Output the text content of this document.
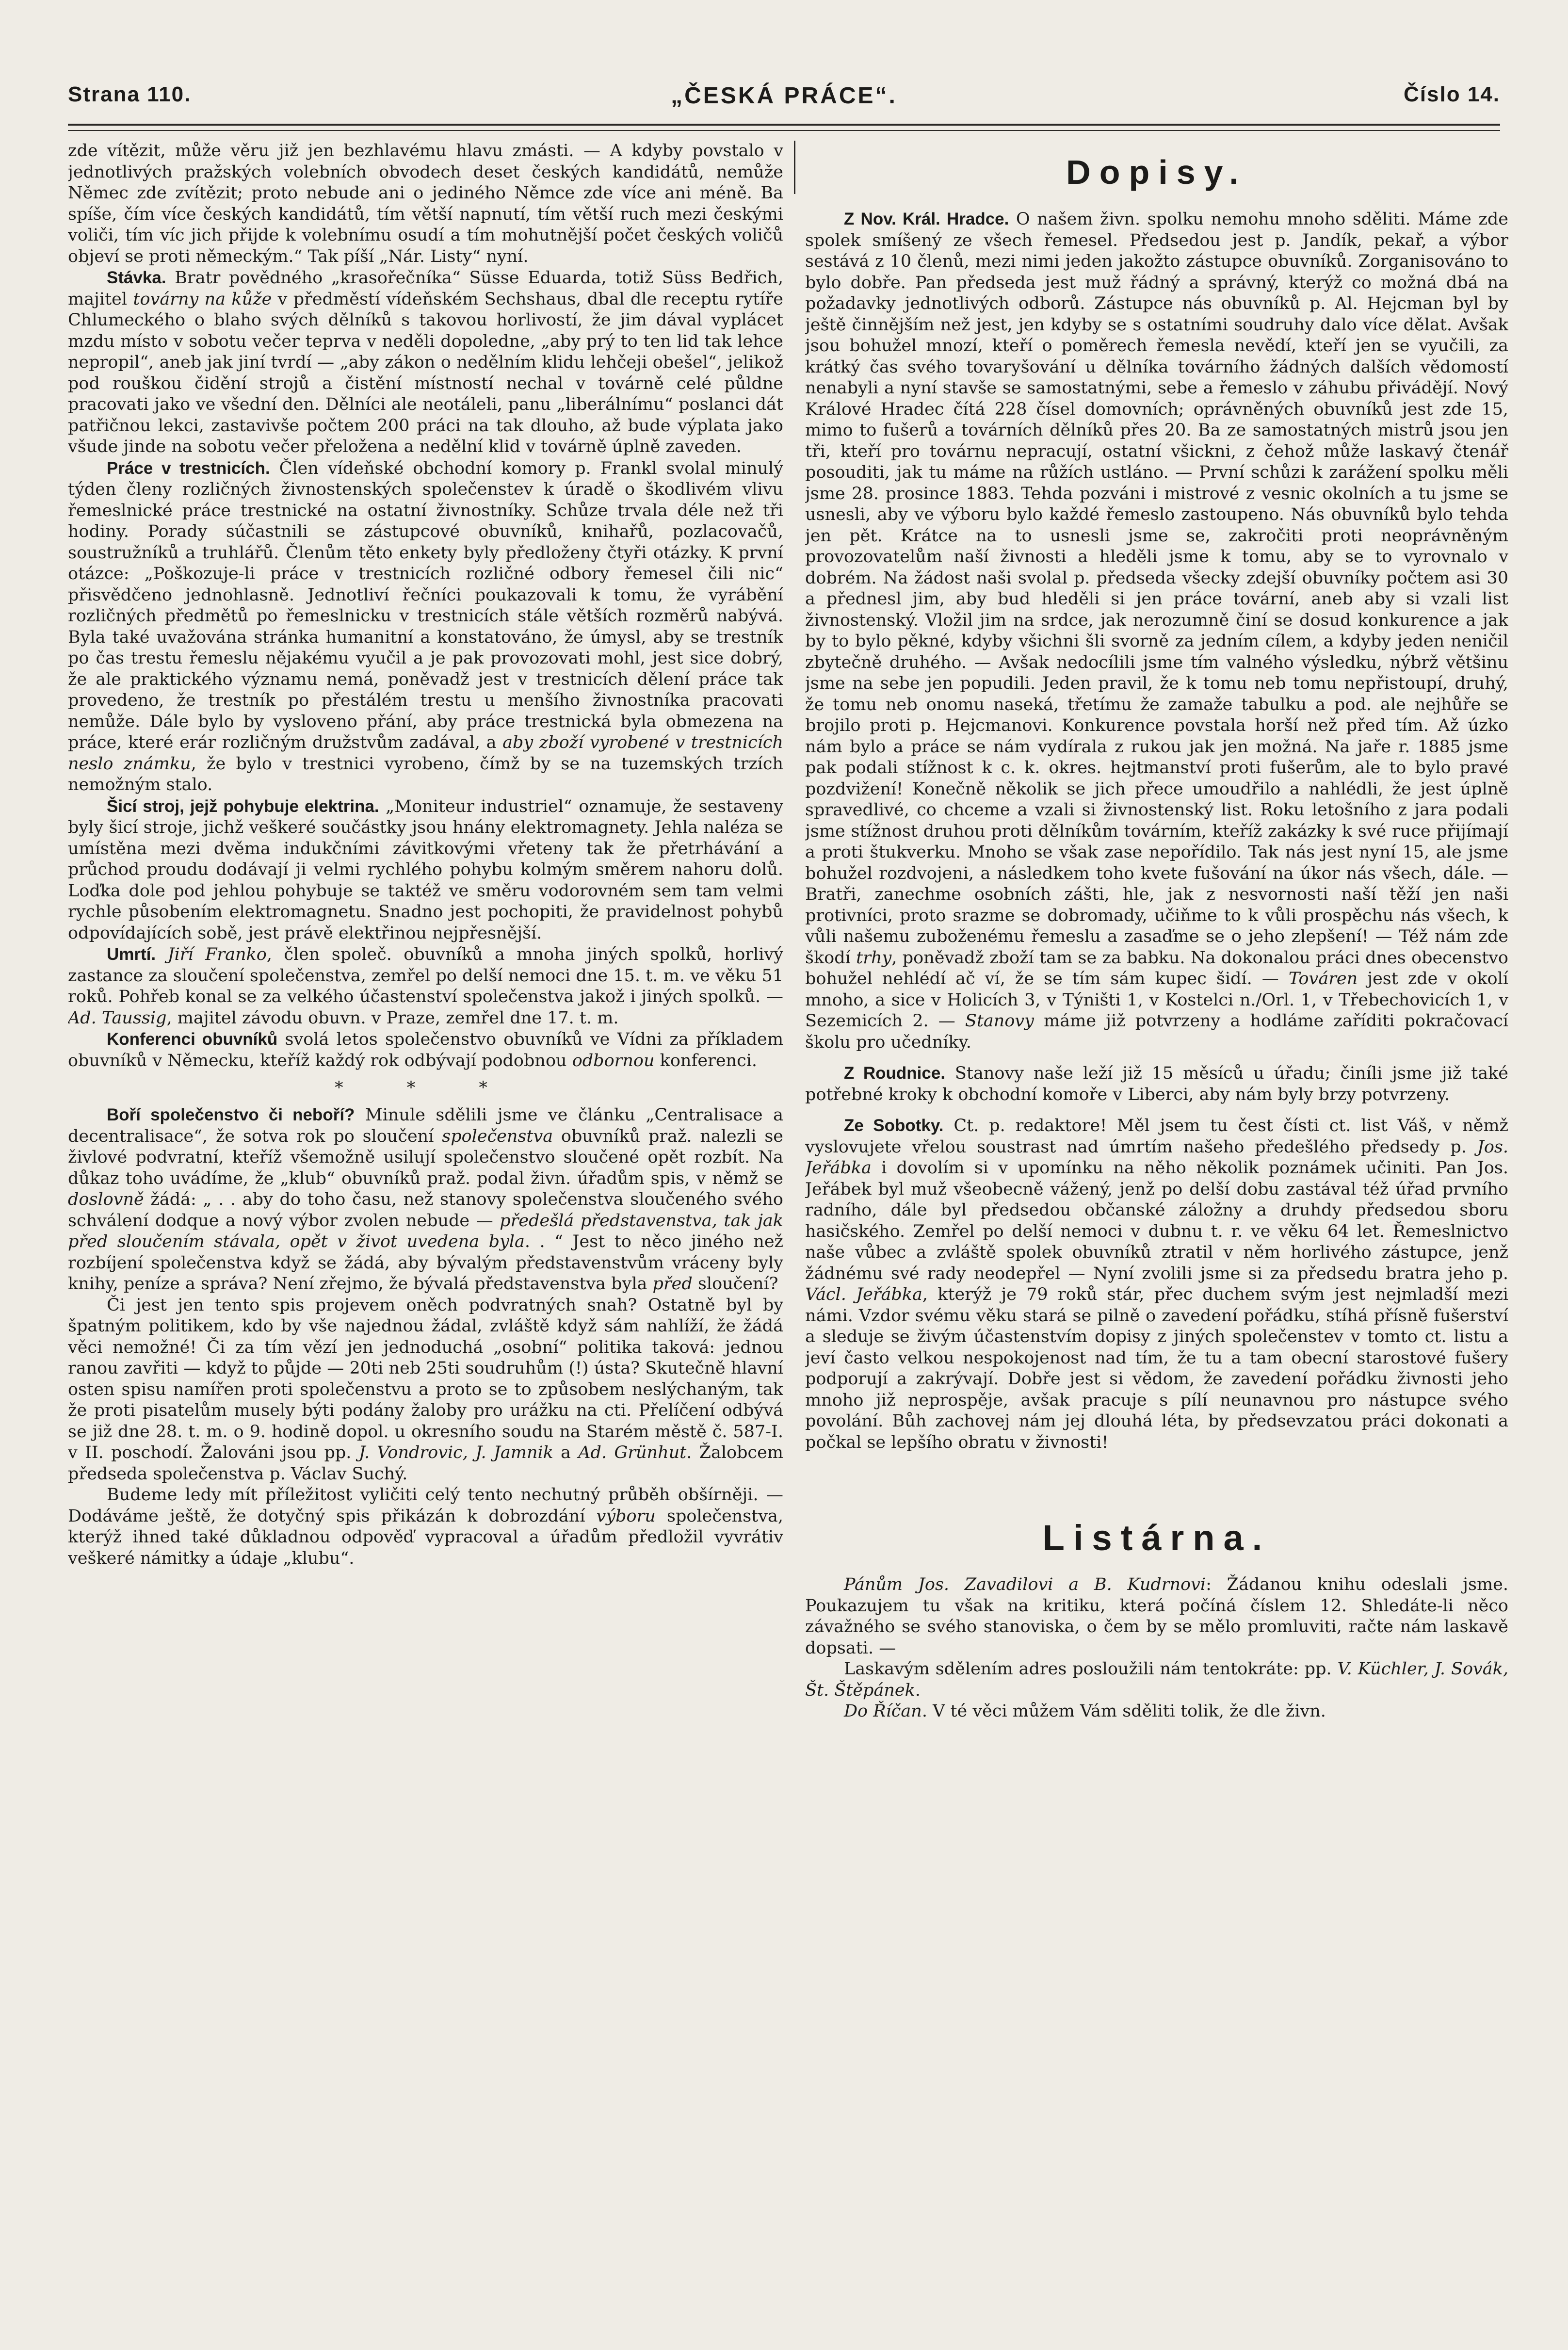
Strana 110.	„ČESKÁ PRÁCE“.	Číslo 14.

zde vítězit, může věru již jen bezhlavému hlavu zmásti. — A kdyby povstalo v jednotlivých pražských volebních obvodech deset českých kandidátů, nemůže Němec zde zvítězit; proto nebude ani o jediného Němce zde více ani méně. Ba spíše, čím více českých kandidátů, tím větší napnutí, tím větší ruch mezi českými voliči, tím víc jich přijde k volebnímu osudí a tím mohutnější počet českých voličů objeví se proti německým.“ Tak píší „Nár. Listy“ nyní.

Stávka. Bratr povědného „krasořečníka“ Süsse Eduarda, totiž Süss Bedřich, majitel továrny na kůže v předměstí vídeňském Sechshaus, dbal dle receptu rytíře Chlumeckého o blaho svých dělníků s takovou horlivostí, že jim dával vyplácet mzdu místo v sobotu večer teprva v neděli dopoledne, „aby prý to ten lid tak lehce nepropil“, aneb jak jiní tvrdí — „aby zákon o nedělním klidu lehčeji obešel“, jelikož pod rouškou čidění strojů a čistění místností nechal v továrně celé půldne pracovati jako ve všední den. Dělníci ale neotáleli, panu „liberálnímu“ poslanci dát patřičnou lekci, zastavivše počtem 200 práci na tak dlouho, až bude výplata jako všude jinde na sobotu večer přeložena a nedělní klid v továrně úplně zaveden.

Práce v trestnicích. Člen vídeňské obchodní komory p. Frankl svolal minulý týden členy rozličných živnostenských společenstev k úradě o škodlivém vlivu řemeslnické práce trestnické na ostatní živnostníky. Schůze trvala déle než tři hodiny. Porady súčastnili se zástupcové obuvníků, knihařů, pozlacovačů, soustružníků a truhlářů. Členům těto enkety byly předloženy čtyři otázky. K první otázce: „Poškozuje-li práce v trestnicích rozličné odbory řemesel čili nic“ přisvědčeno jednohlasně. Jednotliví řečníci poukazovali k tomu, že vyrábění rozličných předmětů po řemeslnicku v trestnicích stále větších rozměrů nabývá. Byla také uvažována stránka humanitní a konstatováno, že úmysl, aby se trestník po čas trestu řemeslu nějakému vyučil a je pak provozovati mohl, jest sice dobrý, že ale praktického významu nemá, poněvadž jest v trestnicích dělení práce tak provedeno, že trestník po přestálém trestu u menšího živnostníka pracovati nemůže. Dále bylo by vysloveno přání, aby práce trestnická byla obmezena na práce, které erár rozličným družstvům zadával, a aby zboží vyrobené v trestnicích neslo známku, že bylo v trestnici vyrobeno, čímž by se na tuzemských trzích nemožným stalo.

Šicí stroj, jejž pohybuje elektrina. „Moniteur industriel“ oznamuje, že sestaveny byly šicí stroje, jichž veškeré součástky jsou hnány elektromagnety. Jehla naléza se umístěna mezi dvěma indukčními závitkovými vřeteny tak že přetrhávání a průchod proudu dodávají ji velmi rychlého pohybu kolmým směrem nahoru dolů. Loďka dole pod jehlou pohybuje se taktéž ve směru vodorovném sem tam velmi rychle působením elektromagnetu. Snadno jest pochopiti, že pravidelnost pohybů odpovídajících sobě, jest právě elektřinou nejpřesnější.

Umrtí. Jiří Franko, člen společ. obuvníků a mnoha jiných spolků, horlivý zastance za sloučení společenstva, zemřel po delší nemoci dne 15. t. m. ve věku 51 roků. Pohřeb konal se za velkého účastenství společenstva jakož i jiných spolků. — Ad. Taussig, majitel závodu obuvn. v Praze, zemřel dne 17. t. m.

Konferenci obuvníků svolá letos společenstvo obuvníků ve Vídni za příkladem obuvníků v Německu, kteříž každý rok odbývají podobnou odbornou konferenci.

* * *

Boří společenstvo či neboří? Minule sdělili jsme ve článku „Centralisace a decentralisace“, že sotva rok po sloučení společenstva obuvníků praž. nalezli se živlové podvratní, kteříž všemožně usilují společenstvo sloučené opět rozbít. Na důkaz toho uvádíme, že „klub“ obuvníků praž. podal živn. úřadům spis, v němž se doslovně žádá: „ . . aby do toho času, než stanovy společenstva sloučeného svého schválení dodque a nový výbor zvolen nebude — předešlá představenstva, tak jak před sloučením stávala, opět v život uvedena byla. . “ Jest to něco jiného než rozbíjení společenstva když se žádá, aby bývalým představenstvům vráceny byly knihy, peníze a správa? Není zřejmo, že bývalá představenstva byla před sloučení?

Či jest jen tento spis projevem oněch podvratných snah? Ostatně byl by špatným politikem, kdo by vše najednou žádal, zvláště když sám nahlíží, že žádá věci nemožné! Či za tím vězí jen jednoduchá „osobní“ politika taková: jednou ranou zavřiti — když to půjde — 20ti neb 25ti soudruhům (!) ústa? Skutečně hlavní osten spisu namířen proti společenstvu a proto se to způsobem neslýchaným, tak že proti pisatelům musely býti podány žaloby pro urážku na cti. Přelíčení odbývá se již dne 28. t. m. o 9. hodině dopol. u okresního soudu na Starém městě č. 587-I. v II. poschodí. Žalováni jsou pp. J. Vondrovic, J. Jamnik a Ad. Grünhut. Žalobcem předseda společenstva p. Václav Suchý.

Budeme ledy mít příležitost vyličiti celý tento nechutný průběh obšírněji. — Dodáváme ještě, že dotyčný spis přikázán k dobrozdání výboru společenstva, kterýž ihned také důkladnou odpověď vypracoval a úřadům předložil vyvrátiv veškeré námitky a údaje „klubu“.

Dopisy.

Z Nov. Král. Hradce. O našem živn. spolku nemohu mnoho sděliti. Máme zde spolek smíšený ze všech řemesel. Předsedou jest p. Jandík, pekař, a výbor sestává z 10 členů, mezi nimi jeden jakožto zástupce obuvníků. Zorganisováno to bylo dobře. Pan předseda jest muž řádný a správný, kterýž co možná dbá na požadavky jednotlivých odborů. Zástupce nás obuvníků p. Al. Hejcman byl by ještě činnějším než jest, jen kdyby se s ostatními soudruhy dalo více dělat. Avšak jsou bohužel mnozí, kteří o poměrech řemesla nevědí, kteří jen se vyučili, za krátký čas svého tovaryšování u dělníka továrního žádných dalších vědomostí nenabyli a nyní stavše se samostatnými, sebe a řemeslo v záhubu přivádějí. Nový Králové Hradec čítá 228 čísel domovních; oprávněných obuvníků jest zde 15, mimo to fušerů a továrních dělníků přes 20. Ba ze samostatných mistrů jsou jen tři, kteří pro továrnu nepracují, ostatní všickni, z čehož může laskavý čtenář posouditi, jak tu máme na růžích ustláno. — První schůzi k zarážení spolku měli jsme 28. prosince 1883. Tehda pozváni i mistrové z vesnic okolních a tu jsme se usnesli, aby ve výboru bylo každé řemeslo zastoupeno. Nás obuvníků bylo tehda jen pět. Krátce na to usnesli jsme se, zakročiti proti neoprávněným provozovatelům naší živnosti a hleděli jsme k tomu, aby se to vyrovnalo v dobrém. Na žádost naši svolal p. předseda všecky zdejší obuvníky počtem asi 30 a přednesl jim, aby bud hleděli si jen práce tovární, aneb aby si vzali list živnostenský. Vložil jim na srdce, jak nerozumně činí se dosud konkurence a jak by to bylo pěkné, kdyby všichni šli svorně za jedním cílem, a kdyby jeden neničil zbytečně druhého. — Avšak nedocílili jsme tím valného výsledku, nýbrž většinu jsme na sebe jen popudili. Jeden pravil, že k tomu neb tomu nepřistoupí, druhý, že tomu neb onomu naseká, třetímu že zamaže tabulku a pod. ale nejhůře se brojilo proti p. Hejcmanovi. Konkurence povstala horší než před tím. Až úzko nám bylo a práce se nám vydírala z rukou jak jen možná. Na jaře r. 1885 jsme pak podali stížnost k c. k. okres. hejtmanství proti fušerům, ale to bylo pravé pozdvižení! Konečně několik se jich přece umoudřilo a nahlédli, že jest úplně spravedlivé, co chceme a vzali si živnostenský list. Roku letošního z jara podali jsme stížnost druhou proti dělníkům továrním, kteříž zakázky k své ruce přijímají a proti štukverku. Mnoho se však zase nepořídilo. Tak nás jest nyní 15, ale jsme bohužel rozdvojeni, a následkem toho kvete fušování na úkor nás všech, dále. — Bratři, zanechme osobních zášti, hle, jak z nesvornosti naší těží jen naši protivníci, proto srazme se dobromady, učiňme to k vůli prospěchu nás všech, k vůli našemu zuboženému řemeslu a zasaďme se o jeho zlepšení! — Též nám zde škodí trhy, poněvadž zboží tam se za babku. Na dokonalou práci dnes obecenstvo bohužel nehlédí ač ví, že se tím sám kupec šidí. — Továren jest zde v okolí mnoho, a sice v Holicích 3, v Týništi 1, v Kostelci n./Orl. 1, v Třebechovicích 1, v Sezemicích 2. — Stanovy máme již potvrzeny a hodláme zaříditi pokračovací školu pro učedníky.

Z Roudnice. Stanovy naše leží již 15 měsíců u úřadu; činíli jsme již také potřebné kroky k obchodní komoře v Liberci, aby nám byly brzy potvrzeny.

Ze Sobotky. Ct. p. redaktore! Měl jsem tu čest čísti ct. list Váš, v němž vyslovujete vřelou soustrast nad úmrtím našeho předešlého předsedy p. Jos. Jeřábka i dovolím si v upomínku na něho několik poznámek učiniti. Pan Jos. Jeřábek byl muž všeobecně vážený, jenž po delší dobu zastával též úřad prvního radního, dále byl předsedou občanské záložny a druhdy předsedou sboru hasičského. Zemřel po delší nemoci v dubnu t. r. ve věku 64 let. Řemeslnictvo naše vůbec a zvláště spolek obuvníků ztratil v něm horlivého zástupce, jenž žádnému své rady neodepřel — Nyní zvolili jsme si za předsedu bratra jeho p. Václ. Jeřábka, kterýž je 79 roků stár, přec duchem svým jest nejmladší mezi námi. Vzdor svému věku stará se pilně o zavedení pořádku, stíhá přísně fušerství a sleduje se živým účastenstvím dopisy z jiných společenstev v tomto ct. listu a jeví často velkou nespokojenost nad tím, že tu a tam obecní starostové fušery podporují a zakrývají. Dobře jest si vědom, že zavedení pořádku živnosti jeho mnoho již neprospěje, avšak pracuje s pílí neunavnou pro nástupce svého povolání. Bůh zachovej nám jej dlouhá léta, by předsevzatou práci dokonati a počkal se lepšího obratu v živnosti!

Listárna.

Pánům Jos. Zavadilovi a B. Kudrnovi: Žádanou knihu odeslali jsme. Poukazujem tu však na kritiku, která počíná číslem 12. Shledáte-li něco závažného se svého stanoviska, o čem by se mělo promluviti, račte nám laskavě dopsati. —

Laskavým sdělením adres posloužili nám tentokráte: pp. V. Küchler, J. Sovák, Št. Štěpánek.

Do Říčan. V té věci můžem Vám sděliti tolik, že dle živn.
